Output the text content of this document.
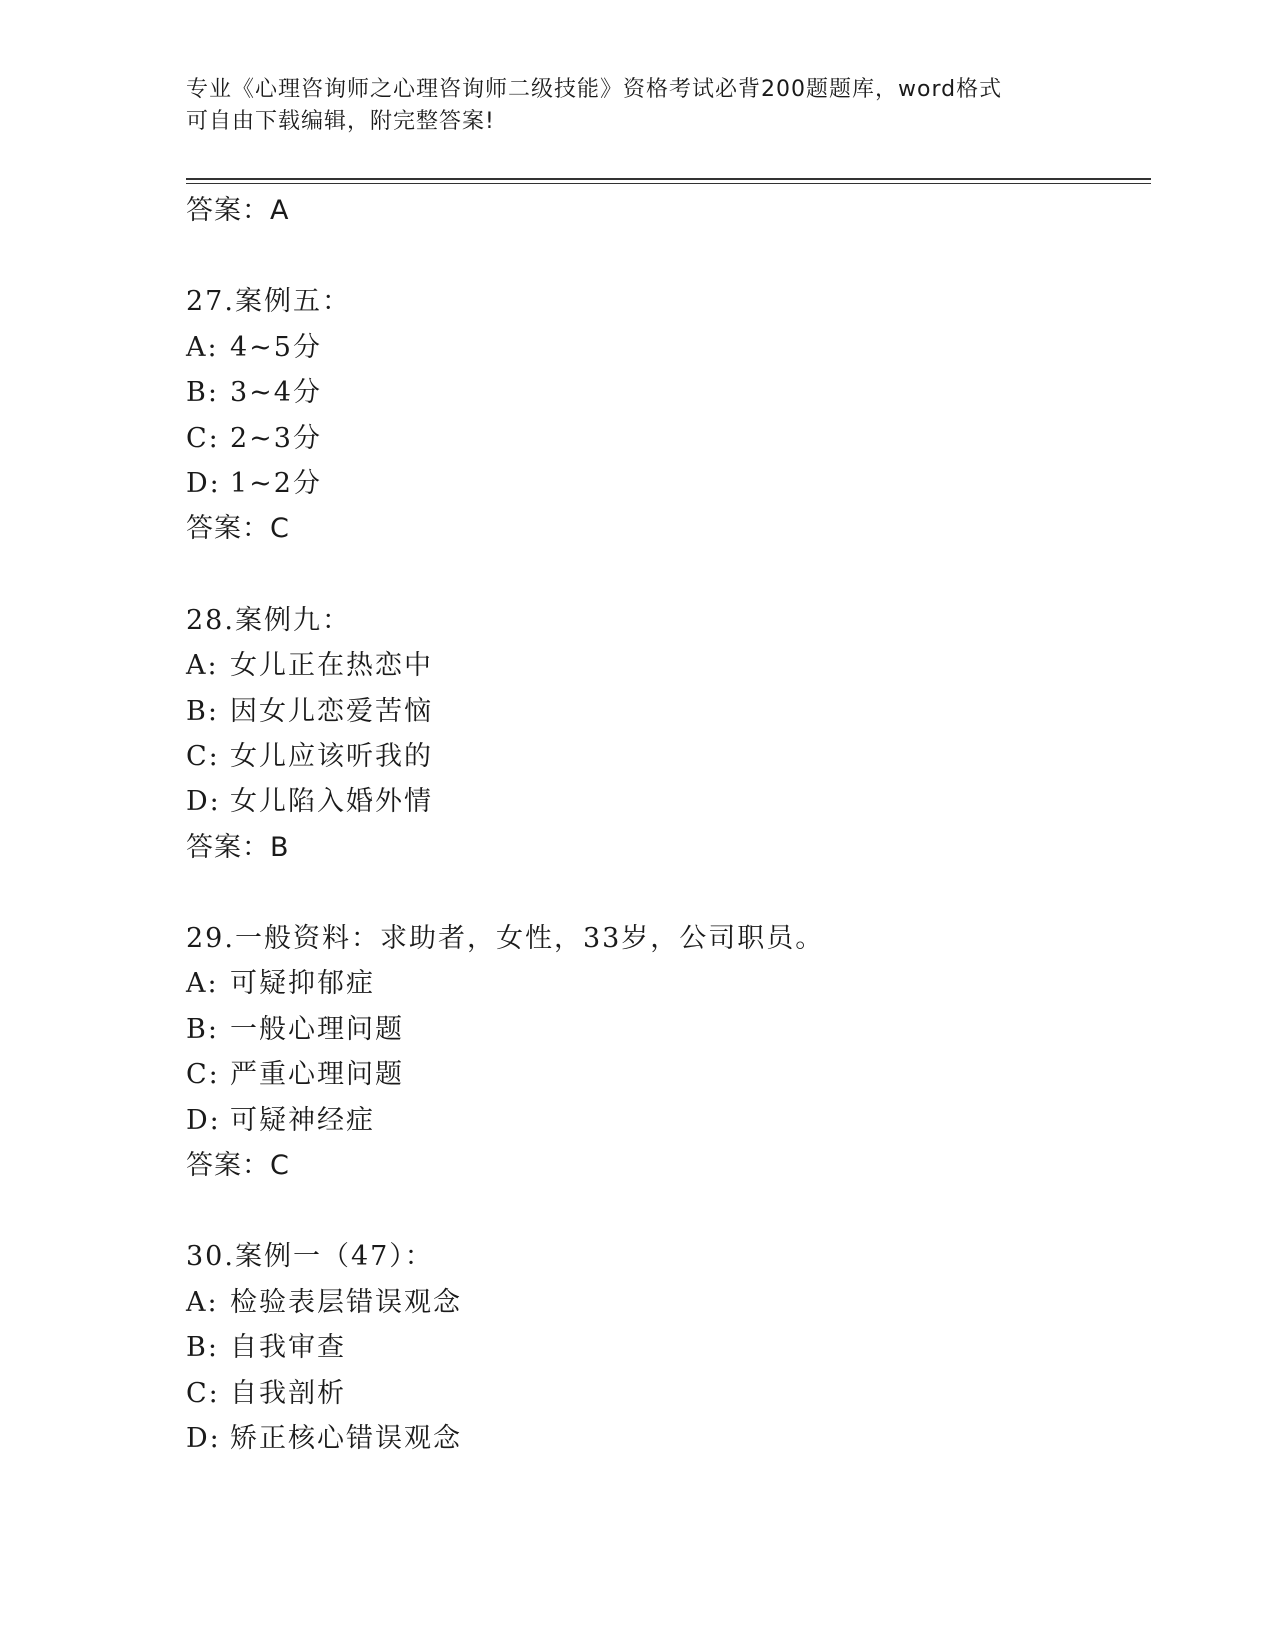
专业《心理咨询师之心理咨询师二级技能》资格考试必背200题题库，word格式
可自由下载编辑，附完整答案!
答案：A
27.案例五：
A: 4~5分
B: 3~4分
C: 2~3分
D: 1~2分
答案：C
28.案例九：
A: 女儿正在热恋中
B: 因女儿恋爱苦恼
C: 女儿应该听我的
D: 女儿陷入婚外情
答案：B
29.一般资料：求助者，女性，33岁，公司职员。
A: 可疑抑郁症
B: 一般心理问题
C: 严重心理问题
D: 可疑神经症
答案：C
30.案例一（47）：
A: 检验表层错误观念
B: 自我审查
C: 自我剖析
D: 矫正核心错误观念
